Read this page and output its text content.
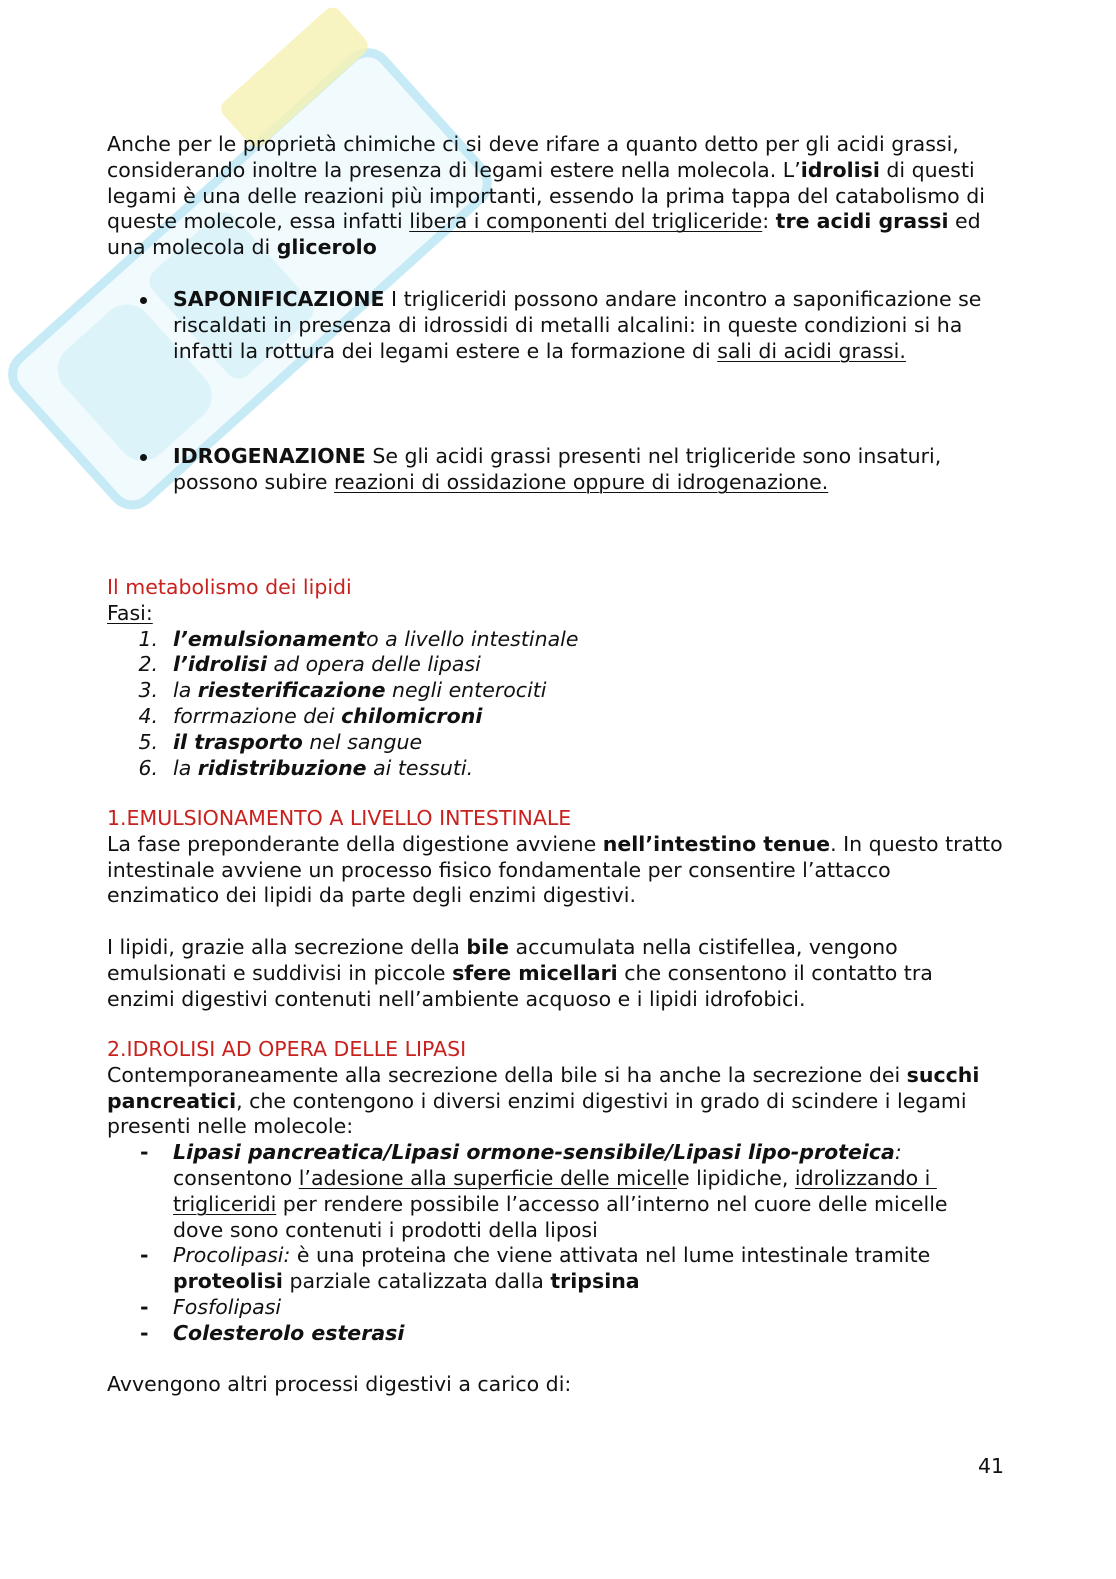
Anche per le proprietà chimiche ci si deve rifare a quanto detto per gli acidi grassi,
considerando inoltre la presenza di legami estere nella molecola. L’idrolisi di questi
legami è una delle reazioni più importanti, essendo la prima tappa del catabolismo di
queste molecole, essa infatti libera i componenti del trigliceride: tre acidi grassi ed
una molecola di glicerolo
SAPONIFICAZIONE I trigliceridi possono andare incontro a saponificazione se
riscaldati in presenza di idrossidi di metalli alcalini: in queste condizioni si ha
infatti la rottura dei legami estere e la formazione di sali di acidi grassi.
IDROGENAZIONE Se gli acidi grassi presenti nel trigliceride sono insaturi,
possono subire reazioni di ossidazione oppure di idrogenazione.
Il metabolismo dei lipidi
Fasi:
1. l’emulsionamento a livello intestinale
2. l’idrolisi ad opera delle lipasi
3. la riesterificazione negli enterociti
4. forrmazione dei chilomicroni
5. il trasporto nel sangue
6. la ridistribuzione ai tessuti.
1.EMULSIONAMENTO A LIVELLO INTESTINALE
La fase preponderante della digestione avviene nell’intestino tenue. In questo tratto
intestinale avviene un processo fisico fondamentale per consentire l’attacco
enzimatico dei lipidi da parte degli enzimi digestivi.
I lipidi, grazie alla secrezione della bile accumulata nella cistifellea, vengono
emulsionati e suddivisi in piccole sfere micellari che consentono il contatto tra
enzimi digestivi contenuti nell’ambiente acquoso e i lipidi idrofobici.
2.IDROLISI AD OPERA DELLE LIPASI
Contemporaneamente alla secrezione della bile si ha anche la secrezione dei succhi
pancreatici, che contengono i diversi enzimi digestivi in grado di scindere i legami
presenti nelle molecole:
- Lipasi pancreatica/Lipasi ormone-sensibile/Lipasi lipo-proteica:
consentono l’adesione alla superficie delle micelle lipidiche, idrolizzando i
trigliceridi per rendere possibile l’accesso all’interno nel cuore delle micelle
dove sono contenuti i prodotti della liposi
- Procolipasi: è una proteina che viene attivata nel lume intestinale tramite
proteolisi parziale catalizzata dalla tripsina
- Fosfolipasi
- Colesterolo esterasi
Avvengono altri processi digestivi a carico di:
41
